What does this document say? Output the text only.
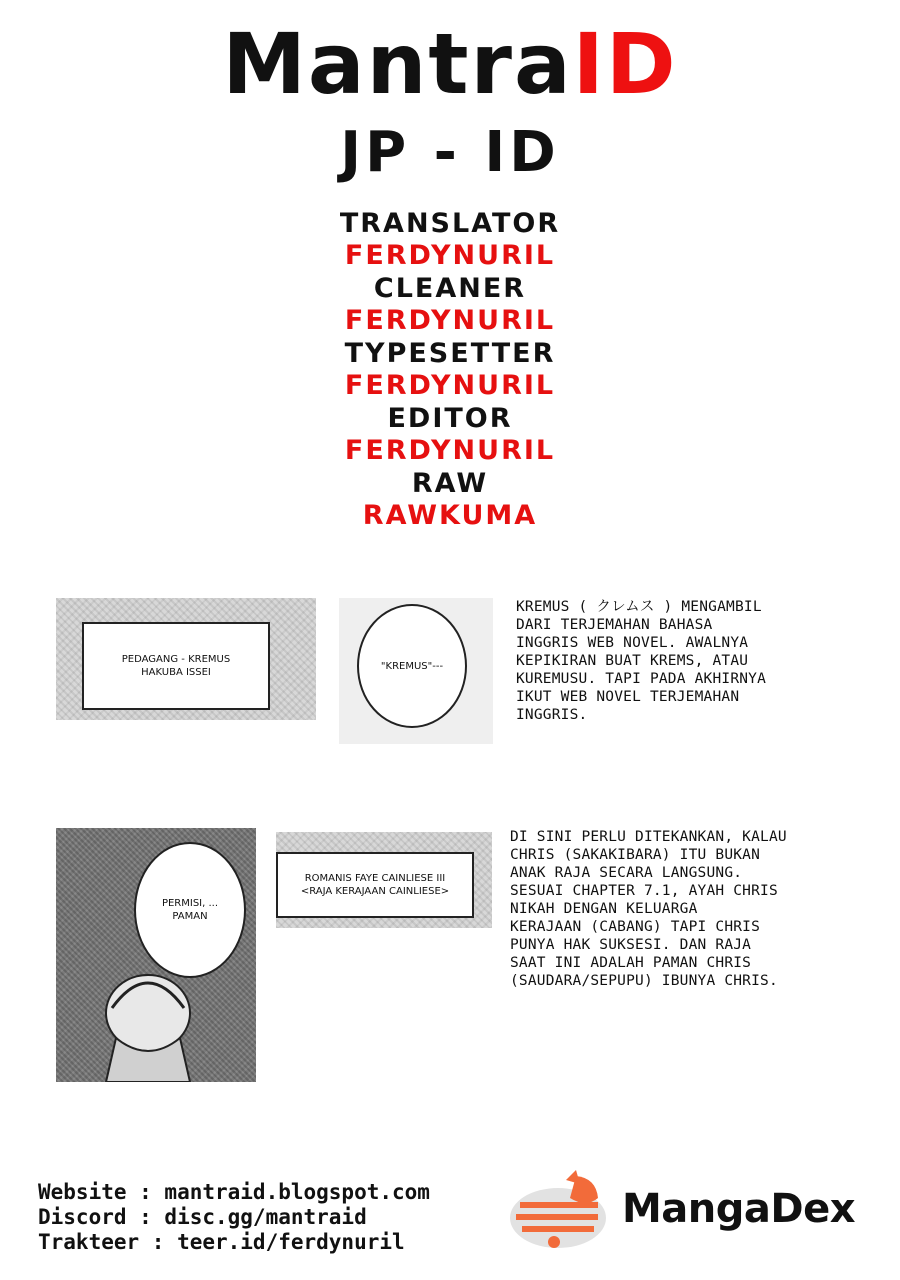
MantraID
JP - ID
TRANSLATOR
FERDYNURIL
CLEANER
FERDYNURIL
TYPESETTER
FERDYNURIL
EDITOR
FERDYNURIL
RAW
RAWKUMA
PEDAGANG - KREMUS
HAKUBA ISSEI
"KREMUS"---
KREMUS ( クレムス ) MENGAMBIL
DARI TERJEMAHAN BAHASA
INGGRIS WEB NOVEL. AWALNYA
KEPIKIRAN BUAT KREMS, ATAU
KUREMUSU. TAPI PADA AKHIRNYA
IKUT WEB NOVEL TERJEMAHAN
INGGRIS.
PERMISI, ...
PAMAN
ROMANIS FAYE CAINLIESE III
<RAJA KERAJAAN CAINLIESE>
DI SINI PERLU DITEKANKAN, KALAU
CHRIS (SAKAKIBARA) ITU BUKAN
ANAK RAJA SECARA LANGSUNG.
SESUAI CHAPTER 7.1, AYAH CHRIS
NIKAH DENGAN KELUARGA
KERAJAAN (CABANG) TAPI CHRIS
PUNYA HAK SUKSESI. DAN RAJA
SAAT INI ADALAH PAMAN CHRIS
(SAUDARA/SEPUPU) IBUNYA CHRIS.
Website : mantraid.blogspot.com
Discord : disc.gg/mantraid
Trakteer : teer.id/ferdynuril
MangaDex
